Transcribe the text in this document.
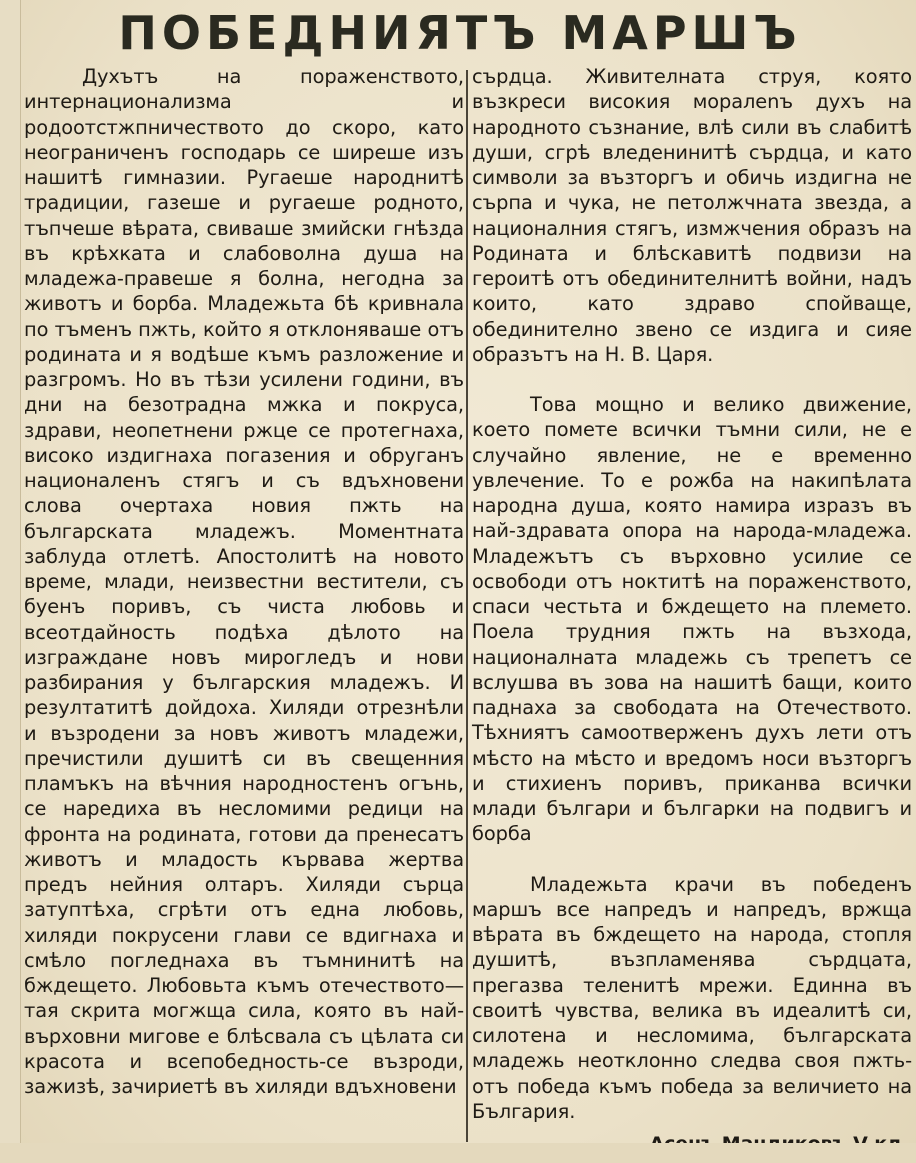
ПОБЕДНИЯТЪ МАРШЪ

Духътъ на пораженството, интернационализма и родоотстжпничеството до скоро, като неограниченъ господарь се ширеше изъ нашитѣ гимназии. Ругаеше народнитѣ традиции, газеше и ругаеше родното, тъпчеше вѣрата, свиваше змийски гнѣзда въ крѣхката и слабоволна душа на младежа-правеше я болна, негодна за животъ и борба. Младежьта бѣ кривнала по тъменъ пжть, който я отклоняваше отъ родината и я водѣше къмъ разложение и разгромъ. Но въ тѣзи усилени години, въ дни на безотрадна мжка и покруса, здрави, неопетнени ржце се протегнаха, високо издигнаха погазения и обруганъ националенъ стягъ и съ вдъхновени слова очертаха новия пжть на българската младежъ. Моментната заблуда отлетѣ. Апостолитѣ на новото време, млади, неизвестни вестители, съ буенъ поривъ, съ чиста любовь и всеотдайность подѣха дѣлото на изграждане новъ мирогледъ и нови разбирания у българския младежъ. И резултатитѣ дойдоха. Хиляди отрезнѣли и възродени за новъ животъ младежи, пречистили душитѣ си въ свещенния пламъкъ на вѣчния народностенъ огънь, се наредиха въ несломими редици на фронта на родината, готови да пренесатъ животъ и младость кървава жертва предъ нейния олтаръ. Хиляди сърца затуптѣха, сгрѣти отъ една любовь, хиляди покрусени глави се вдигнаха и смѣло погледнаха въ тъмнинитѣ на бждещето. Любовьта къмъ отечеството—тая скрита могжща сила, която въ най-върховни мигове е блѣсвала съ цѣлата си красота и всепобедность-се възроди, зажизѣ, зачириетѣ въ хиляди вдъхновени

сърдца. Живителната струя, която възкреси високия моралenъ духъ на народното съзнание, влѣ сили въ слабитѣ души, сгрѣ вледенинитѣ сърдца, и като символи за възторгъ и обичь издигна не сърпа и чука, не петолжчната звезда, а националния стягъ, измжчения образъ на Родината и блѣскавитѣ подвизи на героитѣ отъ обединителнитѣ войни, надъ които, като здраво спойващe, обединително звено се издига и сияе образътъ на Н. В. Царя.

Това мощно и велико движение, което помете всички тъмни сили, не е случайно явление, не е временно увлечение. То е рожба на накипѣлата народна душа, която намира изразъ въ най-здравата опора на народа-младежа. Младежътъ съ върховно усилие се освободи отъ ноктитѣ на пораженството, спаси честьта и бждещето на племето. Поела трудния пжть на възхода, националната младежь съ трепетъ се вслушва въ зова на нашитѣ бащи, които паднаха за свободата на Отечеството. Тѣхниятъ самоотверженъ духъ лети отъ мѣсто на мѣсто и вредомъ носи възторгъ и стихиенъ поривъ, приканва всички млади българи и българки на подвигъ и борба

Младежьта крачи въ победенъ маршъ все напредъ и напредъ, вржща вѣрата въ бждещето на народа, стопля душитѣ, възпламенява сърдцата, прегазва теленитѣ мрежи. Единна въ своитѣ чувства, велика въ идеалитѣ си, силотена и несломима, българската младежь неотклонно следва своя пжть-отъ победа къмъ победа за величието на България.
